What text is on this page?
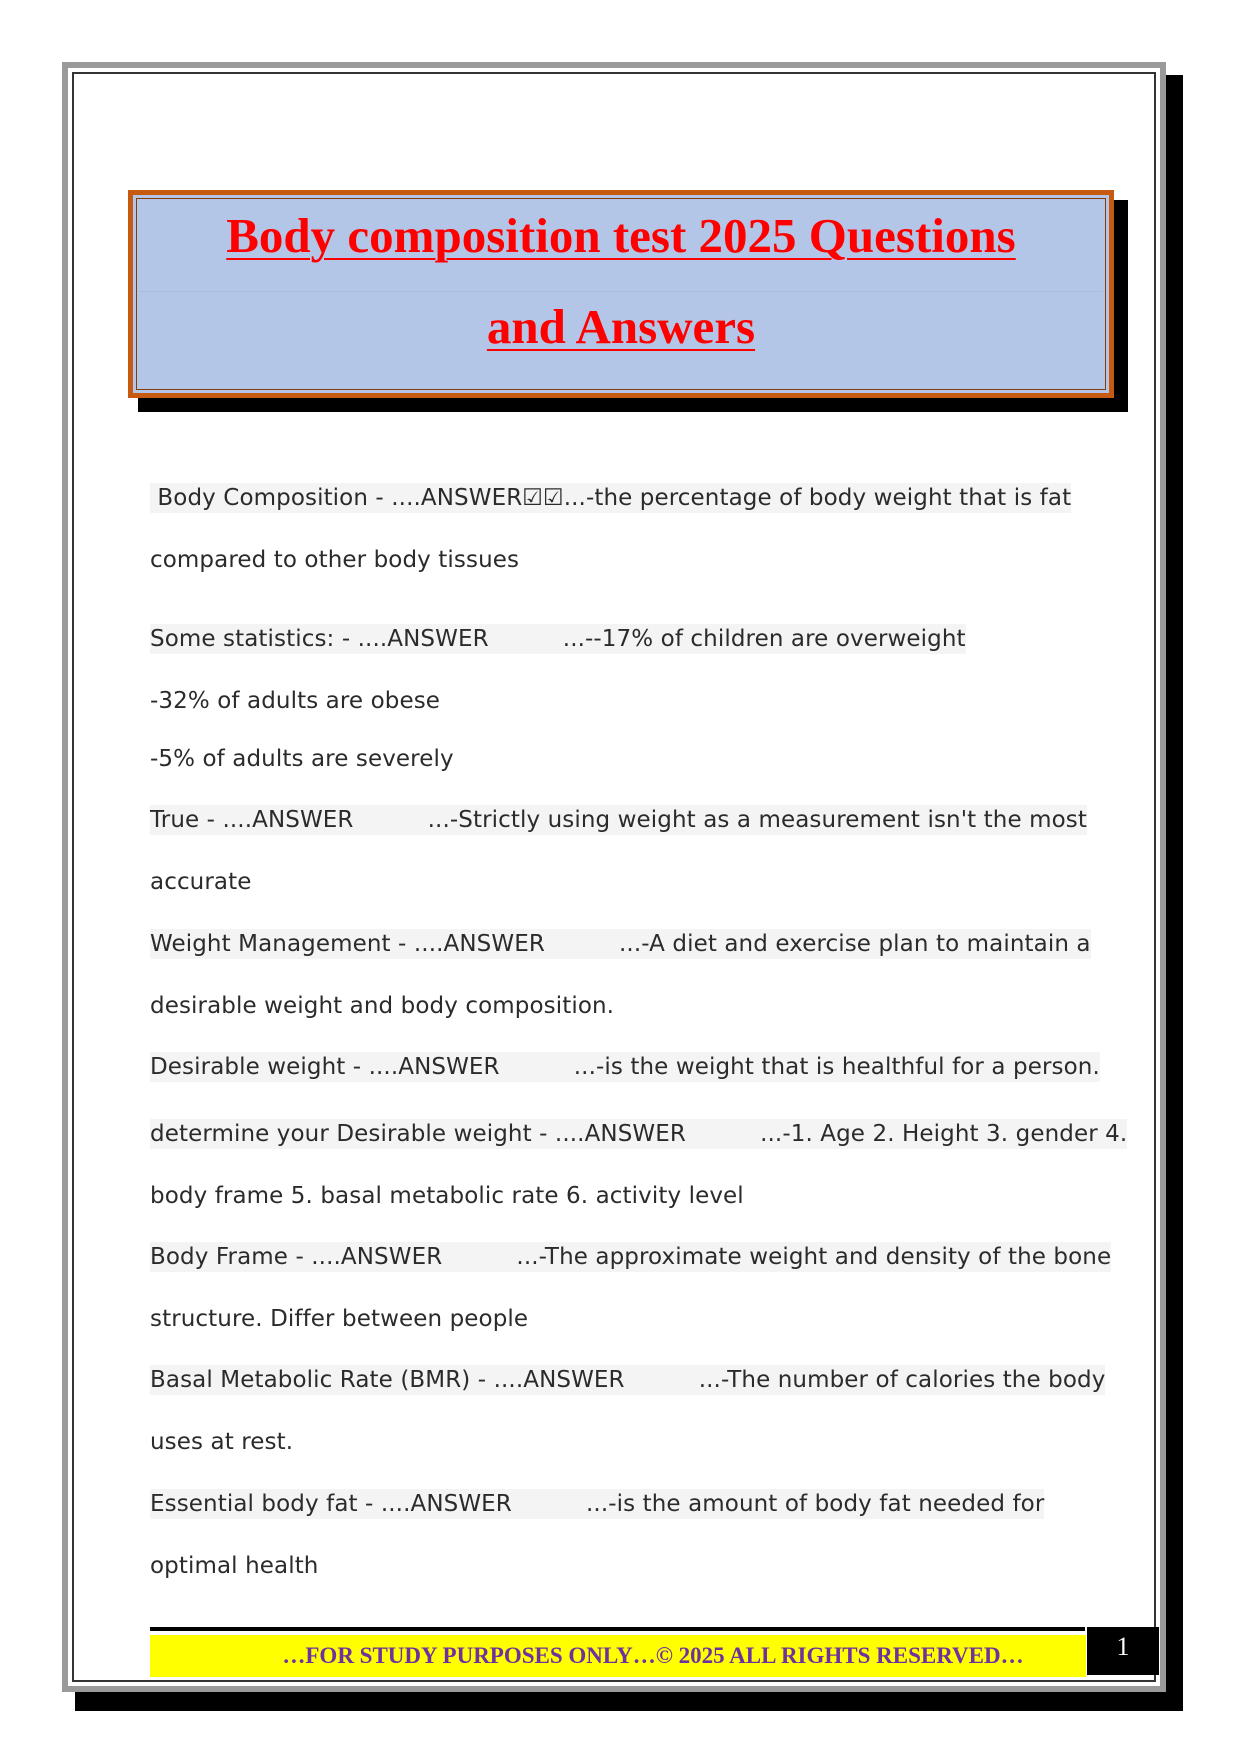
Body composition test 2025 Questions
and Answers
Body Composition - ....ANSWER☑☑...-the percentage of body weight that is fat
compared to other body tissues
Some statistics: - ....ANSWER          ...--17% of children are overweight
-32% of adults are obese
-5% of adults are severely
True - ....ANSWER          ...-Strictly using weight as a measurement isn't the most
accurate
Weight Management - ....ANSWER          ...-A diet and exercise plan to maintain a
desirable weight and body composition.
Desirable weight - ....ANSWER          ...-is the weight that is healthful for a person.
determine your Desirable weight - ....ANSWER          ...-1. Age 2. Height 3. gender 4.
body frame 5. basal metabolic rate 6. activity level
Body Frame - ....ANSWER          ...-The approximate weight and density of the bone
structure. Differ between people
Basal Metabolic Rate (BMR) - ....ANSWER          ...-The number of calories the body
uses at rest.
Essential body fat - ....ANSWER          ...-is the amount of body fat needed for
optimal health
…FOR STUDY PURPOSES ONLY…© 2025 ALL RIGHTS RESERVED…	1
